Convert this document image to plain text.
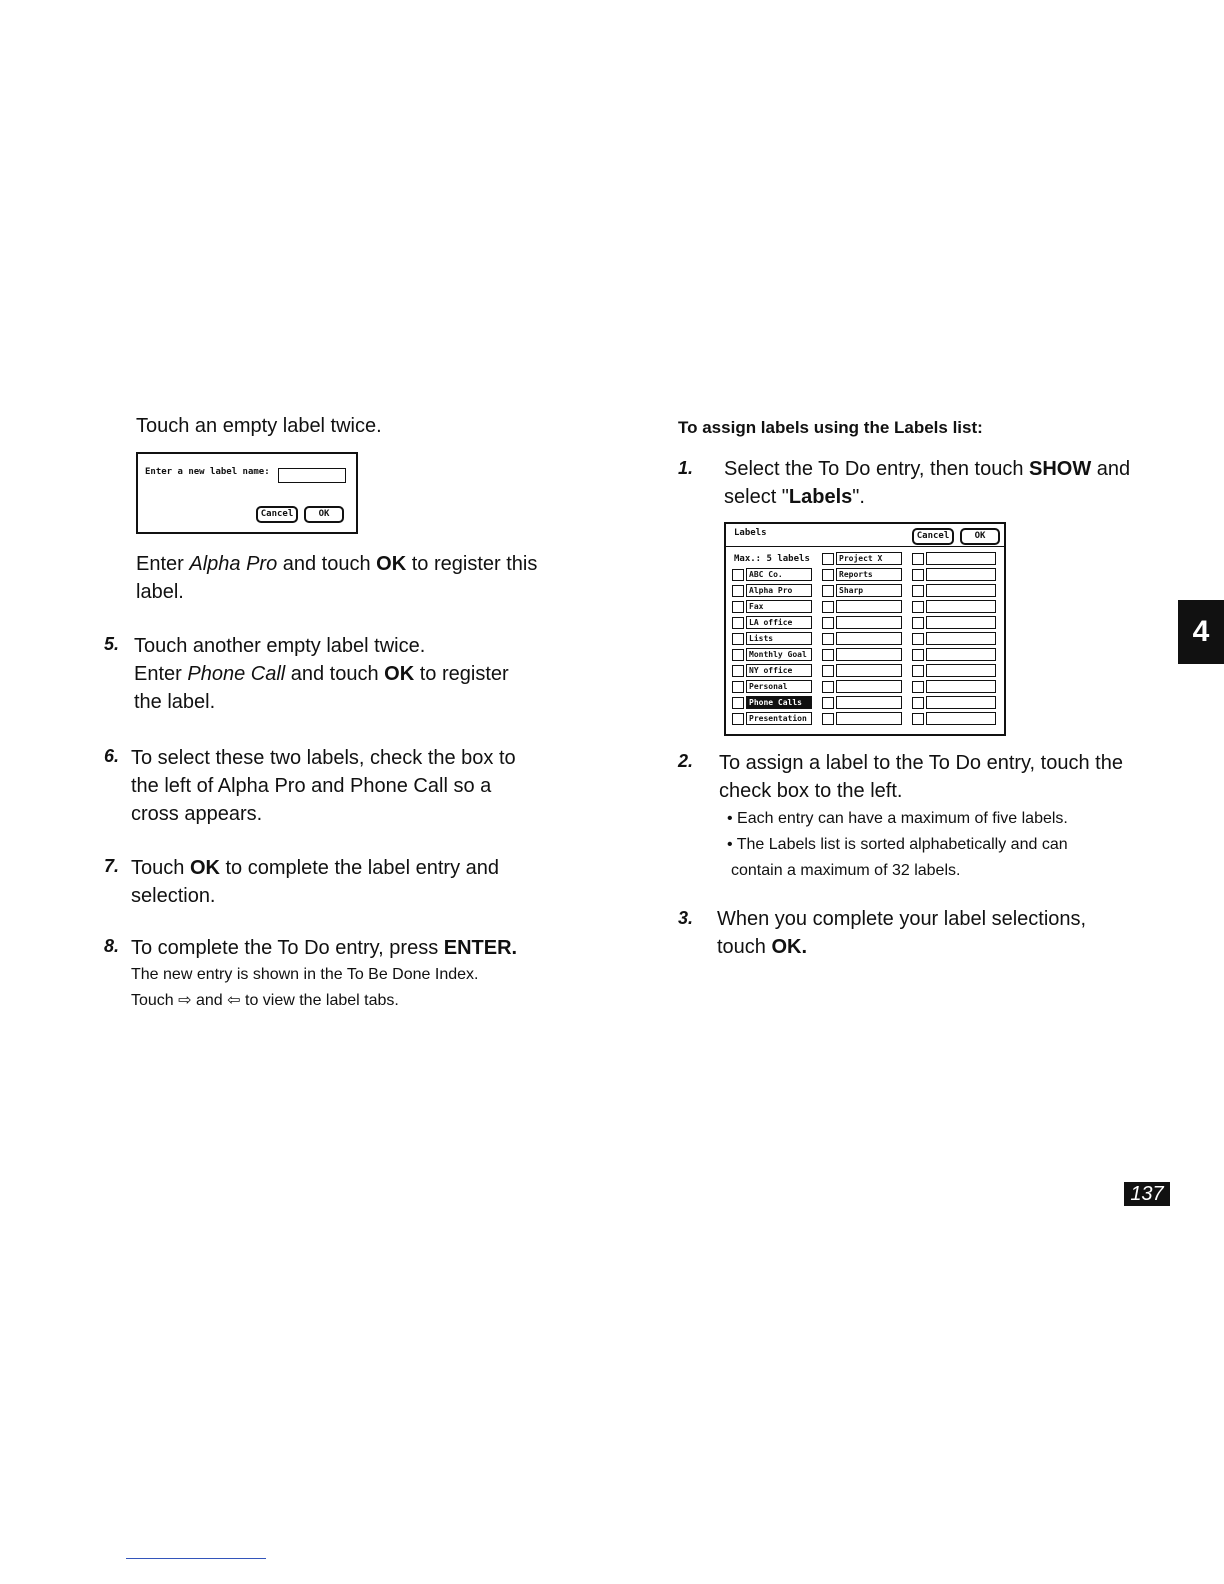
Touch an empty label twice.
Enter a new label name:
Cancel	OK
Enter Alpha Pro and touch OK to register this
label.
5. Touch another empty label twice.
Enter Phone Call and touch OK to register
the label.
6. To select these two labels, check the box to
the left of Alpha Pro and Phone Call so a
cross appears.
7. Touch OK to complete the label entry and
selection.
8. To complete the To Do entry, press ENTER.
The new entry is shown in the To Be Done Index.
Touch ⇨ and ⇦ to view the label tabs.
To assign labels using the Labels list:
1. Select the To Do entry, then touch SHOW and
select "Labels".
Labels	Cancel	OK
Max.: 5 labels
ABC Co.
Alpha Pro
Fax
LA office
Lists
Monthly Goal
NY office
Personal
Phone Calls
Presentation
Project X
Reports
Sharp
2. To assign a label to the To Do entry, touch the
check box to the left.
• Each entry can have a maximum of five labels.
• The Labels list is sorted alphabetically and can
contain a maximum of 32 labels.
3. When you complete your label selections,
touch OK.
4
137
